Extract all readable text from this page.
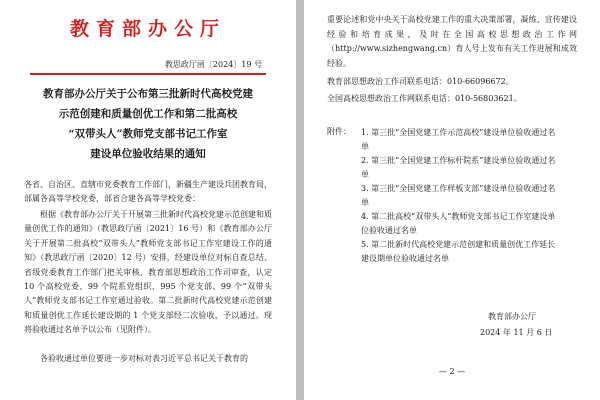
教育部办公厅
教思政厅函〔2024〕19 号
教育部办公厅关于公布第三批新时代高校党建
示范创建和质量创优工作和第二批高校
“双带头人”教师党支部书记工作室
建设单位验收结果的通知
各省、自治区、直辖市党委教育工作部门，新疆生产建设兵团教育局，部属各高等学校党委，部省合建各高等学校党委：
根据《教育部办公厅关于开展第三批新时代高校党建示范创建和质量创优工作的通知》（教思政厅函〔2021〕16 号）和《教育部办公厅关于开展第二批高校“双带头人”教师党支部书记工作室建设工作的通知》（教思政厅函〔2020〕12 号）安排，经建设单位对标自查总结、省级党委教育工作部门把关审核、教育部思想政治工作司审查，认定 10 个高校党委、99 个院系党组织、995 个党支部、99 个“双带头人”教师党支部书记工作室通过验收。第二批新时代高校党建示范创建和质量创优工作延长建设期的 1 个党支部经二次验收，予以通过。现将验收通过名单予以公布（见附件）。
各验收通过单位要进一步对标对表习近平总书记关于教育的
重要论述和党中央关于高校党建工作的重大决策部署，凝练、宣传建设经验和培育成果，及时在全国高校思想政治工作网（http://www.sizhengwang.cn）育人号上发布有关工作进展和成效经验。
教育部思想政治工作司联系电话：010-66096672。
全国高校思想政治工作网联系电话：010-56803621。
附件： 1. 第三批“全国党建工作示范高校”建设单位验收通过名单
2. 第三批“全国党建工作标杆院系”建设单位验收通过名单
3. 第三批“全国党建工作样板支部”建设单位验收通过名单
4. 第二批高校“双带头人”教师党支部书记工作室建设单位验收通过名单
5. 第二批新时代高校党建示范创建和质量创优工作延长建设期单位验收通过名单
教育部办公厅
2024 年 11 月 6 日
— 2 —
